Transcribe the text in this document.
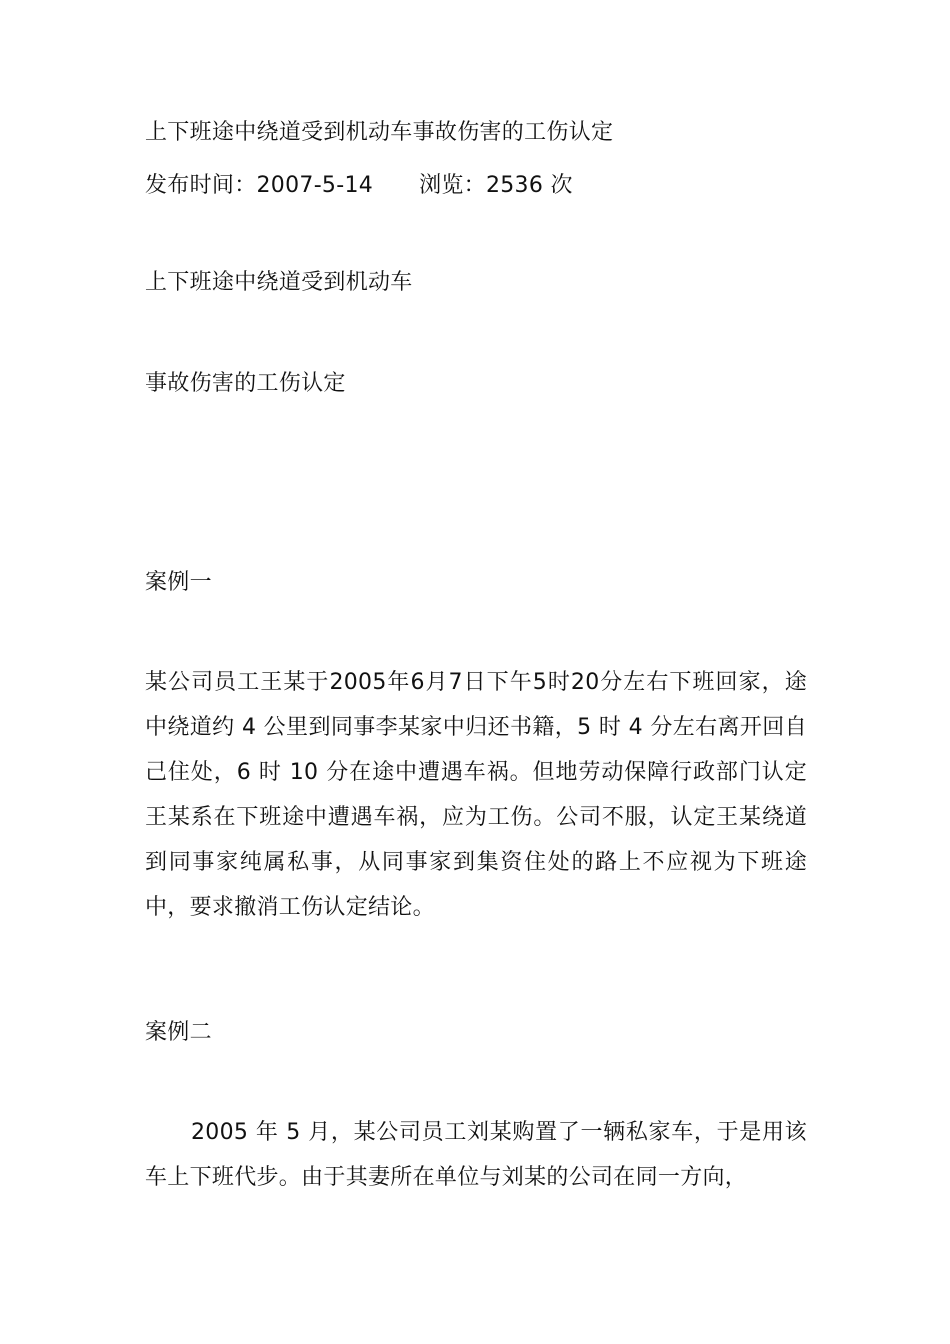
上下班途中绕道受到机动车事故伤害的工伤认定
发布时间：2007-5-14 浏览：2536 次
上下班途中绕道受到机动车
事故伤害的工伤认定
案例一

某公司员工王某于2005年6月7日下午5时20分左右下班回家，途中绕道约 4 公里到同事李某家中归还书籍，5 时 4 分左右离开回自己住处，6 时 10 分在途中遭遇车祸。但地劳动保障行政部门认定王某系在下班途中遭遇车祸，应为工伤。公司不服，认定王某绕道到同事家纯属私事，从同事家到集资住处的路上不应视为下班途中，要求撤消工伤认定结论。

案例二

2005 年 5 月，某公司员工刘某购置了一辆私家车，于是用该车上下班代步。由于其妻所在单位与刘某的公司在同一方向，
